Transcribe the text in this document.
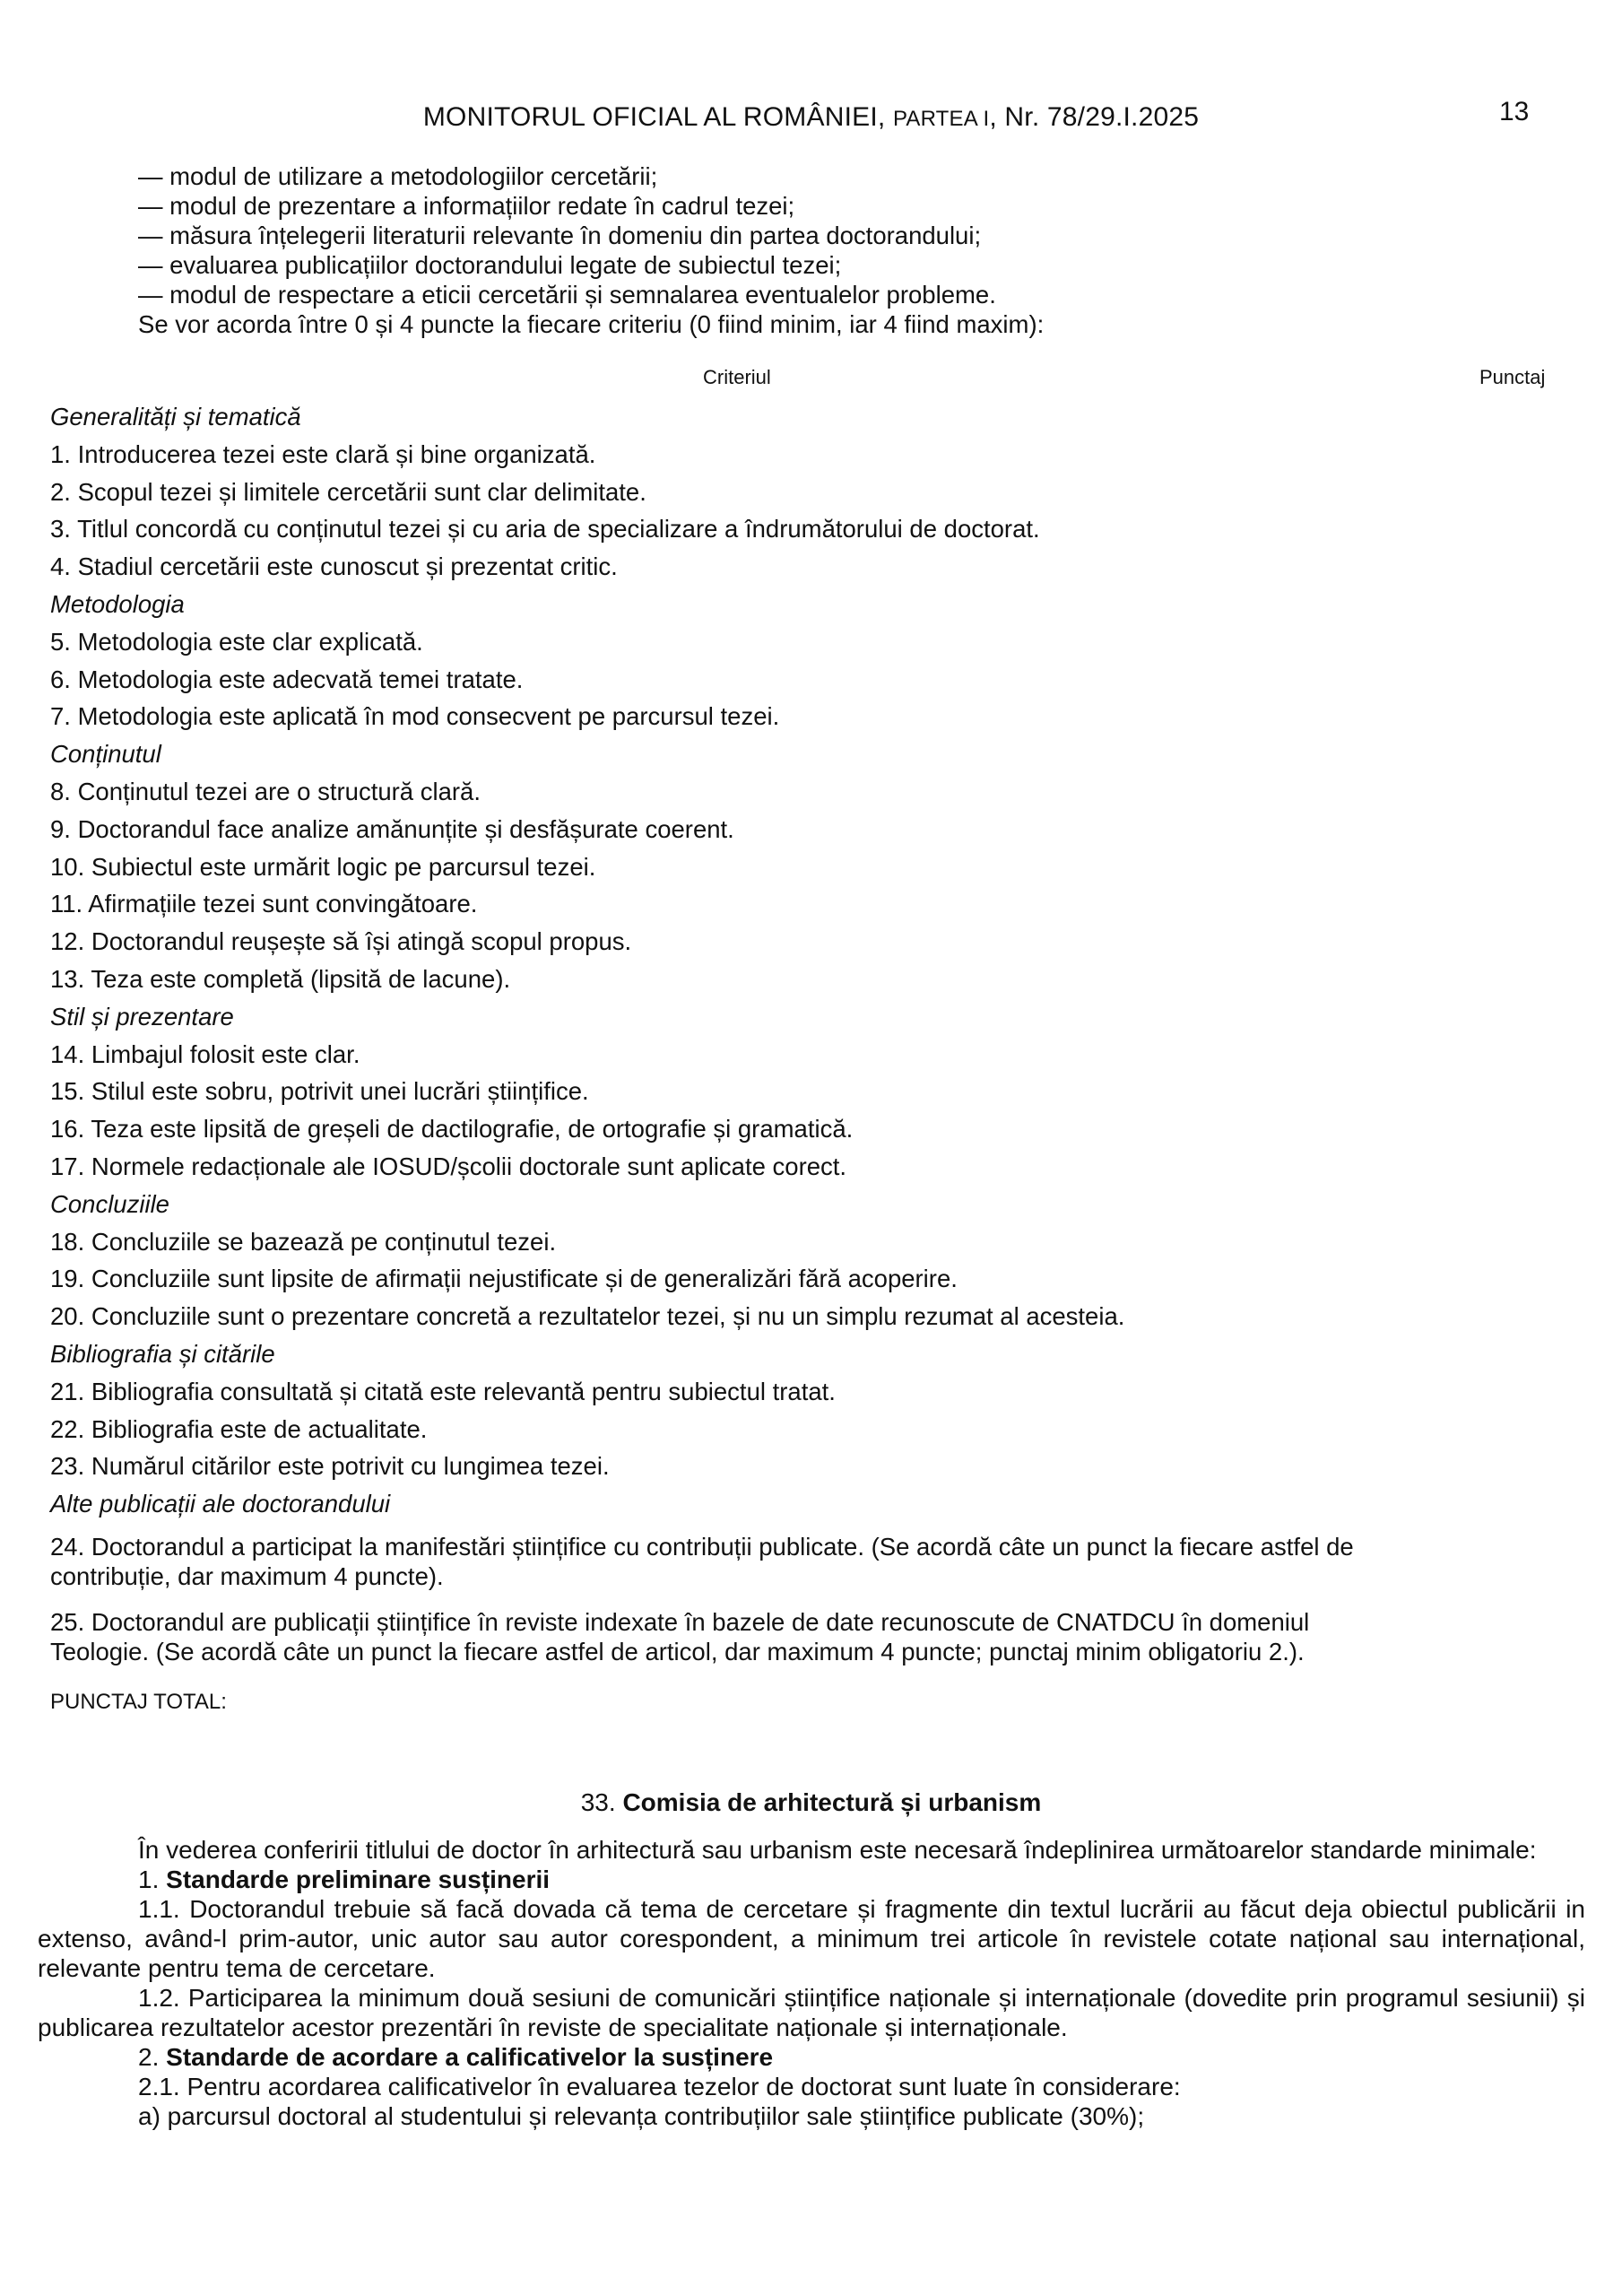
13
MONITORUL OFICIAL AL ROMÂNIEI, PARTEA I, Nr. 78/29.I.2025
— modul de utilizare a metodologiilor cercetării;
— modul de prezentare a informațiilor redate în cadrul tezei;
— măsura înțelegerii literaturii relevante în domeniu din partea doctorandului;
— evaluarea publicațiilor doctorandului legate de subiectul tezei;
— modul de respectare a eticii cercetării și semnalarea eventualelor probleme.
Se vor acorda între 0 și 4 puncte la fiecare criteriu (0 fiind minim, iar 4 fiind maxim):
Criteriul	Punctaj
Generalități și tematică
1. Introducerea tezei este clară și bine organizată.
2. Scopul tezei și limitele cercetării sunt clar delimitate.
3. Titlul concordă cu conținutul tezei și cu aria de specializare a îndrumătorului de doctorat.
4. Stadiul cercetării este cunoscut și prezentat critic.
Metodologia
5. Metodologia este clar explicată.
6. Metodologia este adecvată temei tratate.
7. Metodologia este aplicată în mod consecvent pe parcursul tezei.
Conținutul
8. Conținutul tezei are o structură clară.
9. Doctorandul face analize amănunțite și desfășurate coerent.
10. Subiectul este urmărit logic pe parcursul tezei.
11. Afirmațiile tezei sunt convingătoare.
12. Doctorandul reușește să își atingă scopul propus.
13. Teza este completă (lipsită de lacune).
Stil și prezentare
14. Limbajul folosit este clar.
15. Stilul este sobru, potrivit unei lucrări științifice.
16. Teza este lipsită de greșeli de dactilografie, de ortografie și gramatică.
17. Normele redacționale ale IOSUD/școlii doctorale sunt aplicate corect.
Concluziile
18. Concluziile se bazează pe conținutul tezei.
19. Concluziile sunt lipsite de afirmații nejustificate și de generalizări fără acoperire.
20. Concluziile sunt o prezentare concretă a rezultatelor tezei, și nu un simplu rezumat al acesteia.
Bibliografia și citările
21. Bibliografia consultată și citată este relevantă pentru subiectul tratat.
22. Bibliografia este de actualitate.
23. Numărul citărilor este potrivit cu lungimea tezei.
Alte publicații ale doctorandului
24. Doctorandul a participat la manifestări științifice cu contribuții publicate. (Se acordă câte un punct la fiecare astfel de contribuție, dar maximum 4 puncte).
25. Doctorandul are publicații științifice în reviste indexate în bazele de date recunoscute de CNATDCU în domeniul Teologie. (Se acordă câte un punct la fiecare astfel de articol, dar maximum 4 puncte; punctaj minim obligatoriu 2.).
PUNCTAJ TOTAL:
33. Comisia de arhitectură și urbanism

În vederea conferirii titlului de doctor în arhitectură sau urbanism este necesară îndeplinirea următoarelor standarde minimale:

1. Standarde preliminare susținerii

1.1. Doctorandul trebuie să facă dovada că tema de cercetare și fragmente din textul lucrării au făcut deja obiectul publicării in extenso, având-l prim-autor, unic autor sau autor corespondent, a minimum trei articole în revistele cotate național sau internațional, relevante pentru tema de cercetare.

1.2. Participarea la minimum două sesiuni de comunicări științifice naționale și internaționale (dovedite prin programul sesiunii) și publicarea rezultatelor acestor prezentări în reviste de specialitate naționale și internaționale.

2. Standarde de acordare a calificativelor la susținere

2.1. Pentru acordarea calificativelor în evaluarea tezelor de doctorat sunt luate în considerare:

a) parcursul doctoral al studentului și relevanța contribuțiilor sale științifice publicate (30%);
